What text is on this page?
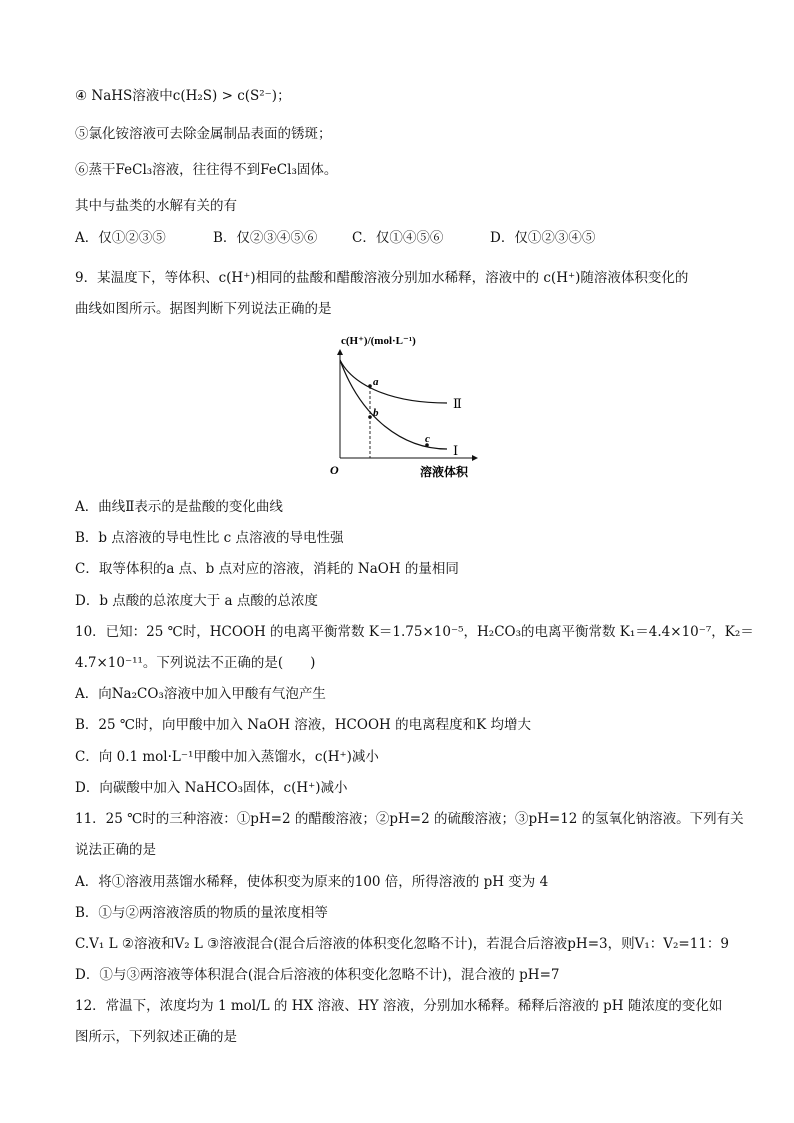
④ NaHS溶液中c(H₂S) > c(S²⁻)；
⑤氯化铵溶液可去除金属制品表面的锈斑；
⑥蒸干FeCl₃溶液，往往得不到FeCl₃固体。
其中与盐类的水解有关的有
A．仅①②③⑤	B．仅②③④⑤⑥	C．仅①④⑤⑥	D．仅①②③④⑤
9．某温度下，等体积、c(H⁺)相同的盐酸和醋酸溶液分别加水稀释，溶液中的 c(H⁺)随溶液体积变化的
曲线如图所示。据图判断下列说法正确的是
c(H⁺)/(mol·L⁻¹)
O	溶液体积
a
b
c
Ⅱ
Ⅰ
A．曲线Ⅱ表示的是盐酸的变化曲线
B．b 点溶液的导电性比 c 点溶液的导电性强
C．取等体积的a 点、b 点对应的溶液，消耗的 NaOH 的量相同
D．b 点酸的总浓度大于 a 点酸的总浓度
10．已知：25 ℃时，HCOOH 的电离平衡常数 K＝1.75×10⁻⁵，H₂CO₃的电离平衡常数 K₁＝4.4×10⁻⁷，K₂＝
4.7×10⁻¹¹。下列说法不正确的是(　　)
A．向Na₂CO₃溶液中加入甲酸有气泡产生
B．25 ℃时，向甲酸中加入 NaOH 溶液，HCOOH 的电离程度和K 均增大
C．向 0.1 mol·L⁻¹甲酸中加入蒸馏水，c(H⁺)减小
D．向碳酸中加入 NaHCO₃固体，c(H⁺)减小
11．25 ℃时的三种溶液：①pH=2 的醋酸溶液；②pH=2 的硫酸溶液；③pH=12 的氢氧化钠溶液。下列有关
说法正确的是
A．将①溶液用蒸馏水稀释，使体积变为原来的100 倍，所得溶液的 pH 变为 4
B．①与②两溶液溶质的物质的量浓度相等
C.V₁ L ②溶液和V₂ L ③溶液混合(混合后溶液的体积变化忽略不计)，若混合后溶液pH=3，则V₁：V₂=11：9
D．①与③两溶液等体积混合(混合后溶液的体积变化忽略不计)，混合液的 pH=7
12．常温下，浓度均为 1 mol/L 的 HX 溶液、HY 溶液，分别加水稀释。稀释后溶液的 pH 随浓度的变化如
图所示，下列叙述正确的是
